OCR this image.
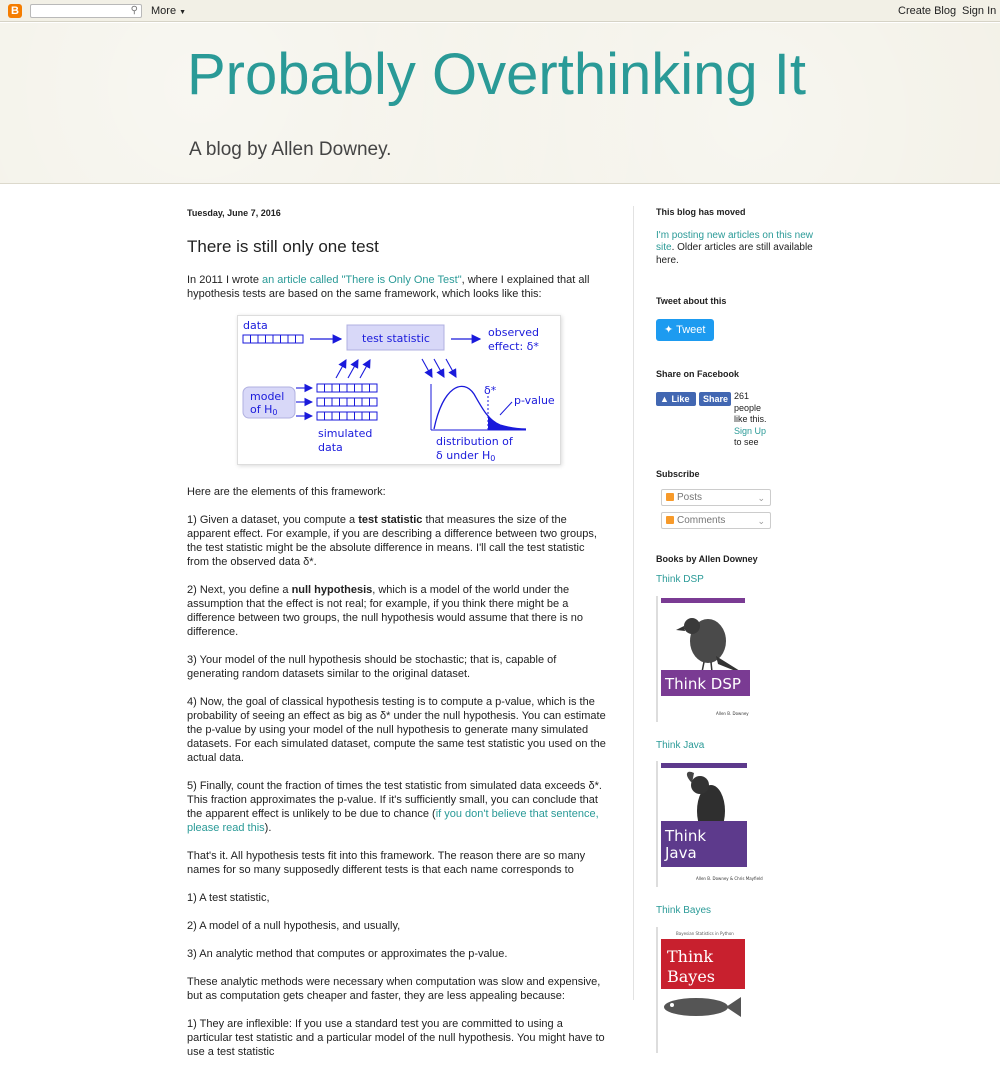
B	⚲ More ▼	Create Blog Sign In
Probably Overthinking It
A blog by Allen Downey.
Tuesday, June 7, 2016
There is still only one test

In 2011 I wrote an article called "There is Only One Test", where I explained that all hypothesis tests are based on the same framework, which looks like this:

data
test statistic	observed
effect: δ*
model
of H0
simulated
data
δ*
p-value
distribution of
δ under H0

Here are the elements of this framework:

1) Given a dataset, you compute a test statistic that measures the size of the apparent effect. For example, if you are describing a difference between two groups, the test statistic might be the absolute difference in means. I'll call the test statistic from the observed data δ*.

2) Next, you define a null hypothesis, which is a model of the world under the assumption that the effect is not real; for example, if you think there might be a difference between two groups, the null hypothesis would assume that there is no difference.

3) Your model of the null hypothesis should be stochastic; that is, capable of generating random datasets similar to the original dataset.

4) Now, the goal of classical hypothesis testing is to compute a p-value, which is the probability of seeing an effect as big as δ* under the null hypothesis. You can estimate the p-value by using your model of the null hypothesis to generate many simulated datasets. For each simulated dataset, compute the same test statistic you used on the actual data.

5) Finally, count the fraction of times the test statistic from simulated data exceeds δ*. This fraction approximates the p-value. If it's sufficiently small, you can conclude that the apparent effect is unlikely to be due to chance (if you don't believe that sentence, please read this).

That's it. All hypothesis tests fit into this framework. The reason there are so many names for so many supposedly different tests is that each name corresponds to

1) A test statistic,

2) A model of a null hypothesis, and usually,

3) An analytic method that computes or approximates the p-value.

These analytic methods were necessary when computation was slow and expensive, but as computation gets cheaper and faster, they are less appealing because:

1) They are inflexible: If you use a standard test you are committed to using a particular test statistic and a particular model of the null hypothesis. You might have to use a test statistic

This blog has moved
I'm posting new articles on this new site. Older articles are still available here.
Tweet about this
✦ Tweet
Share on Facebook
▲ Like	Share 261 people like this. Sign Up to see
Subscribe
Posts	⌄
Comments	⌄
Books by Allen Downey
Think DSP
Think DSP
Allen B. Downey
Think Java
Think
Java
Allen B. Downey & Chris Mayfield
Think Bayes
Bayesian Statistics in Python
Think
Bayes
